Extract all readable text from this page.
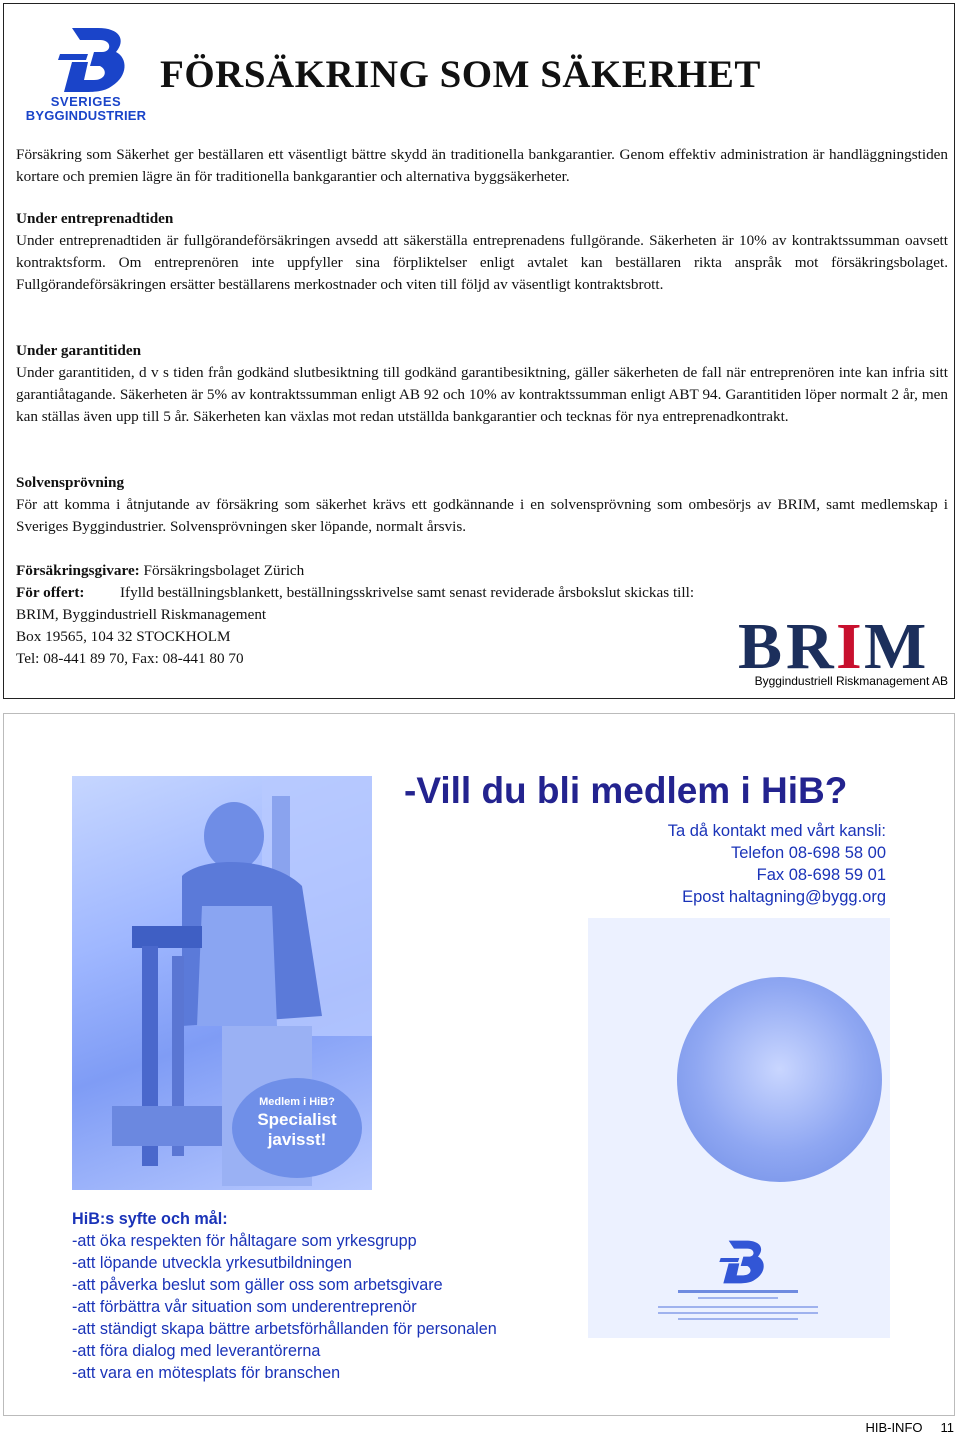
SVERIGES
BYGGINDUSTRIER
FÖRSÄKRING SOM SÄKERHET

Försäkring som Säkerhet ger beställaren ett väsentligt bättre skydd än traditionella bankgarantier. Genom effektiv administration är handläggningstiden kortare och premien lägre än för traditionella bankgarantier och alternativa byggsäkerheter.

Under entreprenadtiden
Under entreprenadtiden är fullgörandeförsäkringen avsedd att säkerställa entreprenadens fullgörande. Säkerheten är 10% av kontraktssumman oavsett kontraktsform. Om entreprenören inte uppfyller sina förpliktelser enligt avtalet kan beställaren rikta anspråk mot försäkringsbolaget. Fullgörandeförsäkringen ersätter beställarens merkostnader och viten till följd av väsentligt kontraktsbrott.
Under garantitiden
Under garantitiden, d v s tiden från godkänd slutbesiktning till godkänd garantibesiktning, gäller säkerheten de fall när entreprenören inte kan infria sitt garantiåtagande. Säkerheten är 5% av kontraktssumman enligt AB 92 och 10% av kontraktssumman enligt ABT 94. Garantitiden löper normalt 2 år, men kan ställas även upp till 5 år. Säkerheten kan växlas mot redan utställda bankgarantier och tecknas för nya entreprenadkontrakt.
Solvensprövning
För att komma i åtnjutande av försäkring som säkerhet krävs ett godkännande i en solvensprövning som ombesörjs av BRIM, samt medlemskap i Sveriges Byggindustrier. Solvensprövningen sker löpande, normalt årsvis.
Försäkringsgivare: Försäkringsbolaget Zürich
För offert: Ifylld beställningsblankett, beställningsskrivelse samt senast reviderade årsbokslut skickas till:
BRIM, Byggindustriell Riskmanagement
Box 19565, 104 32 STOCKHOLM
Tel: 08-441 89 70, Fax: 08-441 80 70	B R I M
Byggindustriell Riskmanagement AB
Medlem i HiB?
Specialist
javisst!
-Vill du bli medlem i HiB?
Ta då kontakt med vårt kansli:
Telefon 08-698 58 00
Fax 08-698 59 01
Epost haltagning@bygg.org
HiB:s syfte och mål:
-att öka respekten för håltagare som yrkesgrupp
-att löpande utveckla yrkesutbildningen
-att påverka beslut som gäller oss som arbetsgivare
-att förbättra vår situation som underentreprenör
-att ständigt skapa bättre arbetsförhållanden för personalen
-att föra dialog med leverantörerna
-att vara en mötesplats för branschen
HIB-INFO 11
